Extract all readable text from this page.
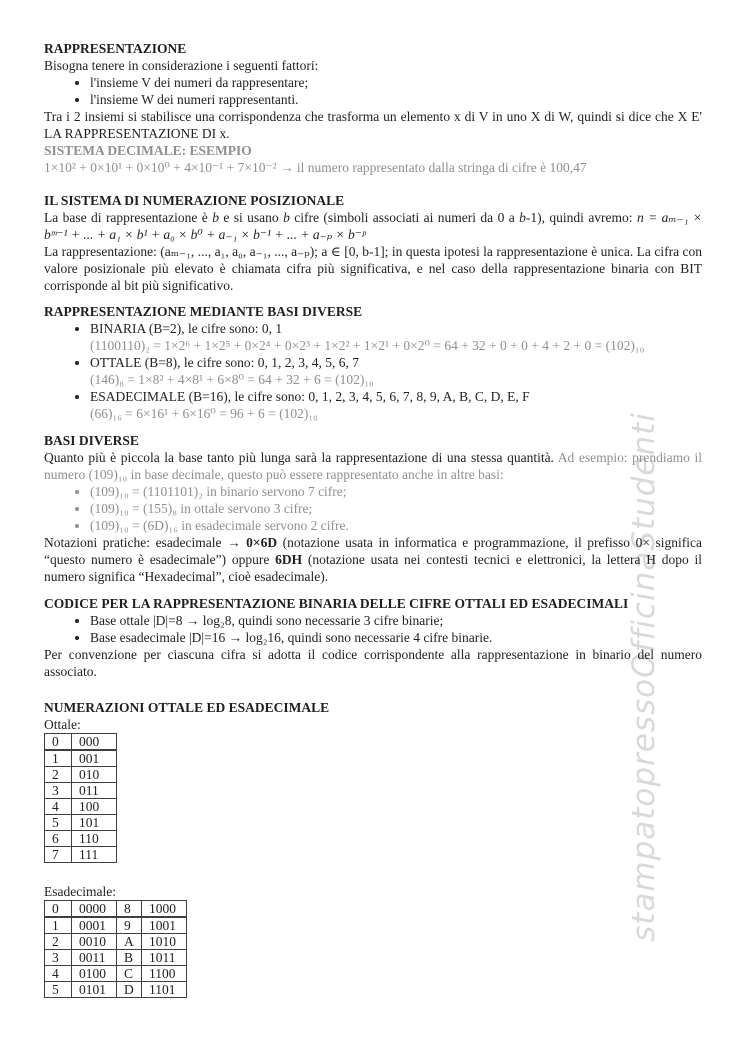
stampatopressoOfficinaStudenti
RAPPRESENTAZIONE
Bisogna tenere in considerazione i seguenti fattori:
• l'insieme V dei numeri da rappresentare;
• l'insieme W dei numeri rappresentanti.
Tra i 2 insiemi si stabilisce una corrispondenza che trasforma un elemento x di V in uno X di W, quindi si dice che X E' LA RAPPRESENTAZIONE DI x.
SISTEMA DECIMALE: ESEMPIO
1×10² + 0×10¹ + 0×10⁰ + 4×10⁻¹ + 7×10⁻² → il numero rappresentato dalla stringa di cifre è 100,47
IL SISTEMA DI NUMERAZIONE POSIZIONALE
La base di rappresentazione è b e si usano b cifre (simboli associati ai numeri da 0 a b-1), quindi avremo: n = aₘ₋₁ × bᵐ⁻¹ + ... + a₁ × b¹ + a₀ × b⁰ + a₋₁ × b⁻¹ + ... + a₋ₚ × b⁻ᵖ
La rappresentazione: (aₘ₋₁, ..., a₁, a₀, a₋₁, ..., a₋ₚ); a ∈ [0, b-1]; in questa ipotesi la rappresentazione è unica. La cifra con valore posizionale più elevato è chiamata cifra più significativa, e nel caso della rappresentazione binaria con BIT corrisponde al bit più significativo.
RAPPRESENTAZIONE MEDIANTE BASI DIVERSE
• BINARIA (B=2), le cifre sono: 0, 1
(1100110)₂ = 1×2⁶ + 1×2⁵ + 0×2⁴ + 0×2³ + 1×2² + 1×2¹ + 0×2⁰ = 64 + 32 + 0 + 0 + 4 + 2 + 0 = (102)₁₀
• OTTALE (B=8), le cifre sono: 0, 1, 2, 3, 4, 5, 6, 7
(146)₈ = 1×8² + 4×8¹ + 6×8⁰ = 64 + 32 + 6 = (102)₁₀
• ESADECIMALE (B=16), le cifre sono: 0, 1, 2, 3, 4, 5, 6, 7, 8, 9, A, B, C, D, E, F
(66)₁₆ = 6×16¹ + 6×16⁰ = 96 + 6 = (102)₁₀
BASI DIVERSE
Quanto più è piccola la base tanto più lunga sarà la rappresentazione di una stessa quantità. Ad esempio: prendiamo il numero (109)₁₀ in base decimale, questo può essere rappresentato anche in altre basi:
• (109)₁₀ = (1101101)₂ in binario servono 7 cifre;
• (109)₁₀ = (155)₈ in ottale servono 3 cifre;
• (109)₁₀ = (6D)₁₆ in esadecimale servono 2 cifre.
Notazioni pratiche: esadecimale → 0×6D (notazione usata in informatica e programmazione, il prefisso 0× significa “questo numero è esadecimale”) oppure 6DH (notazione usata nei contesti tecnici e elettronici, la lettera H dopo il numero significa “Hexadecimal”, cioè esadecimale).
CODICE PER LA RAPPRESENTAZIONE BINARIA DELLE CIFRE OTTALI ED ESADECIMALI
• Base ottale |D|=8 → log₂8, quindi sono necessarie 3 cifre binarie;
• Base esadecimale |D|=16 → log₂16, quindi sono necessarie 4 cifre binarie.
Per convenzione per ciascuna cifra si adotta il codice corrispondente alla rappresentazione in binario del numero associato.
NUMERAZIONI OTTALE ED ESADECIMALE
Ottale:
0	000
1	001
2	010
3	011
4	100
5	101
6	110
7	111
Esadecimale:
0	0000	8	1000
1	0001	9	1001
2	0010	A	1010
3	0011	B	1011
4	0100	C	1100
5	0101	D	1101
